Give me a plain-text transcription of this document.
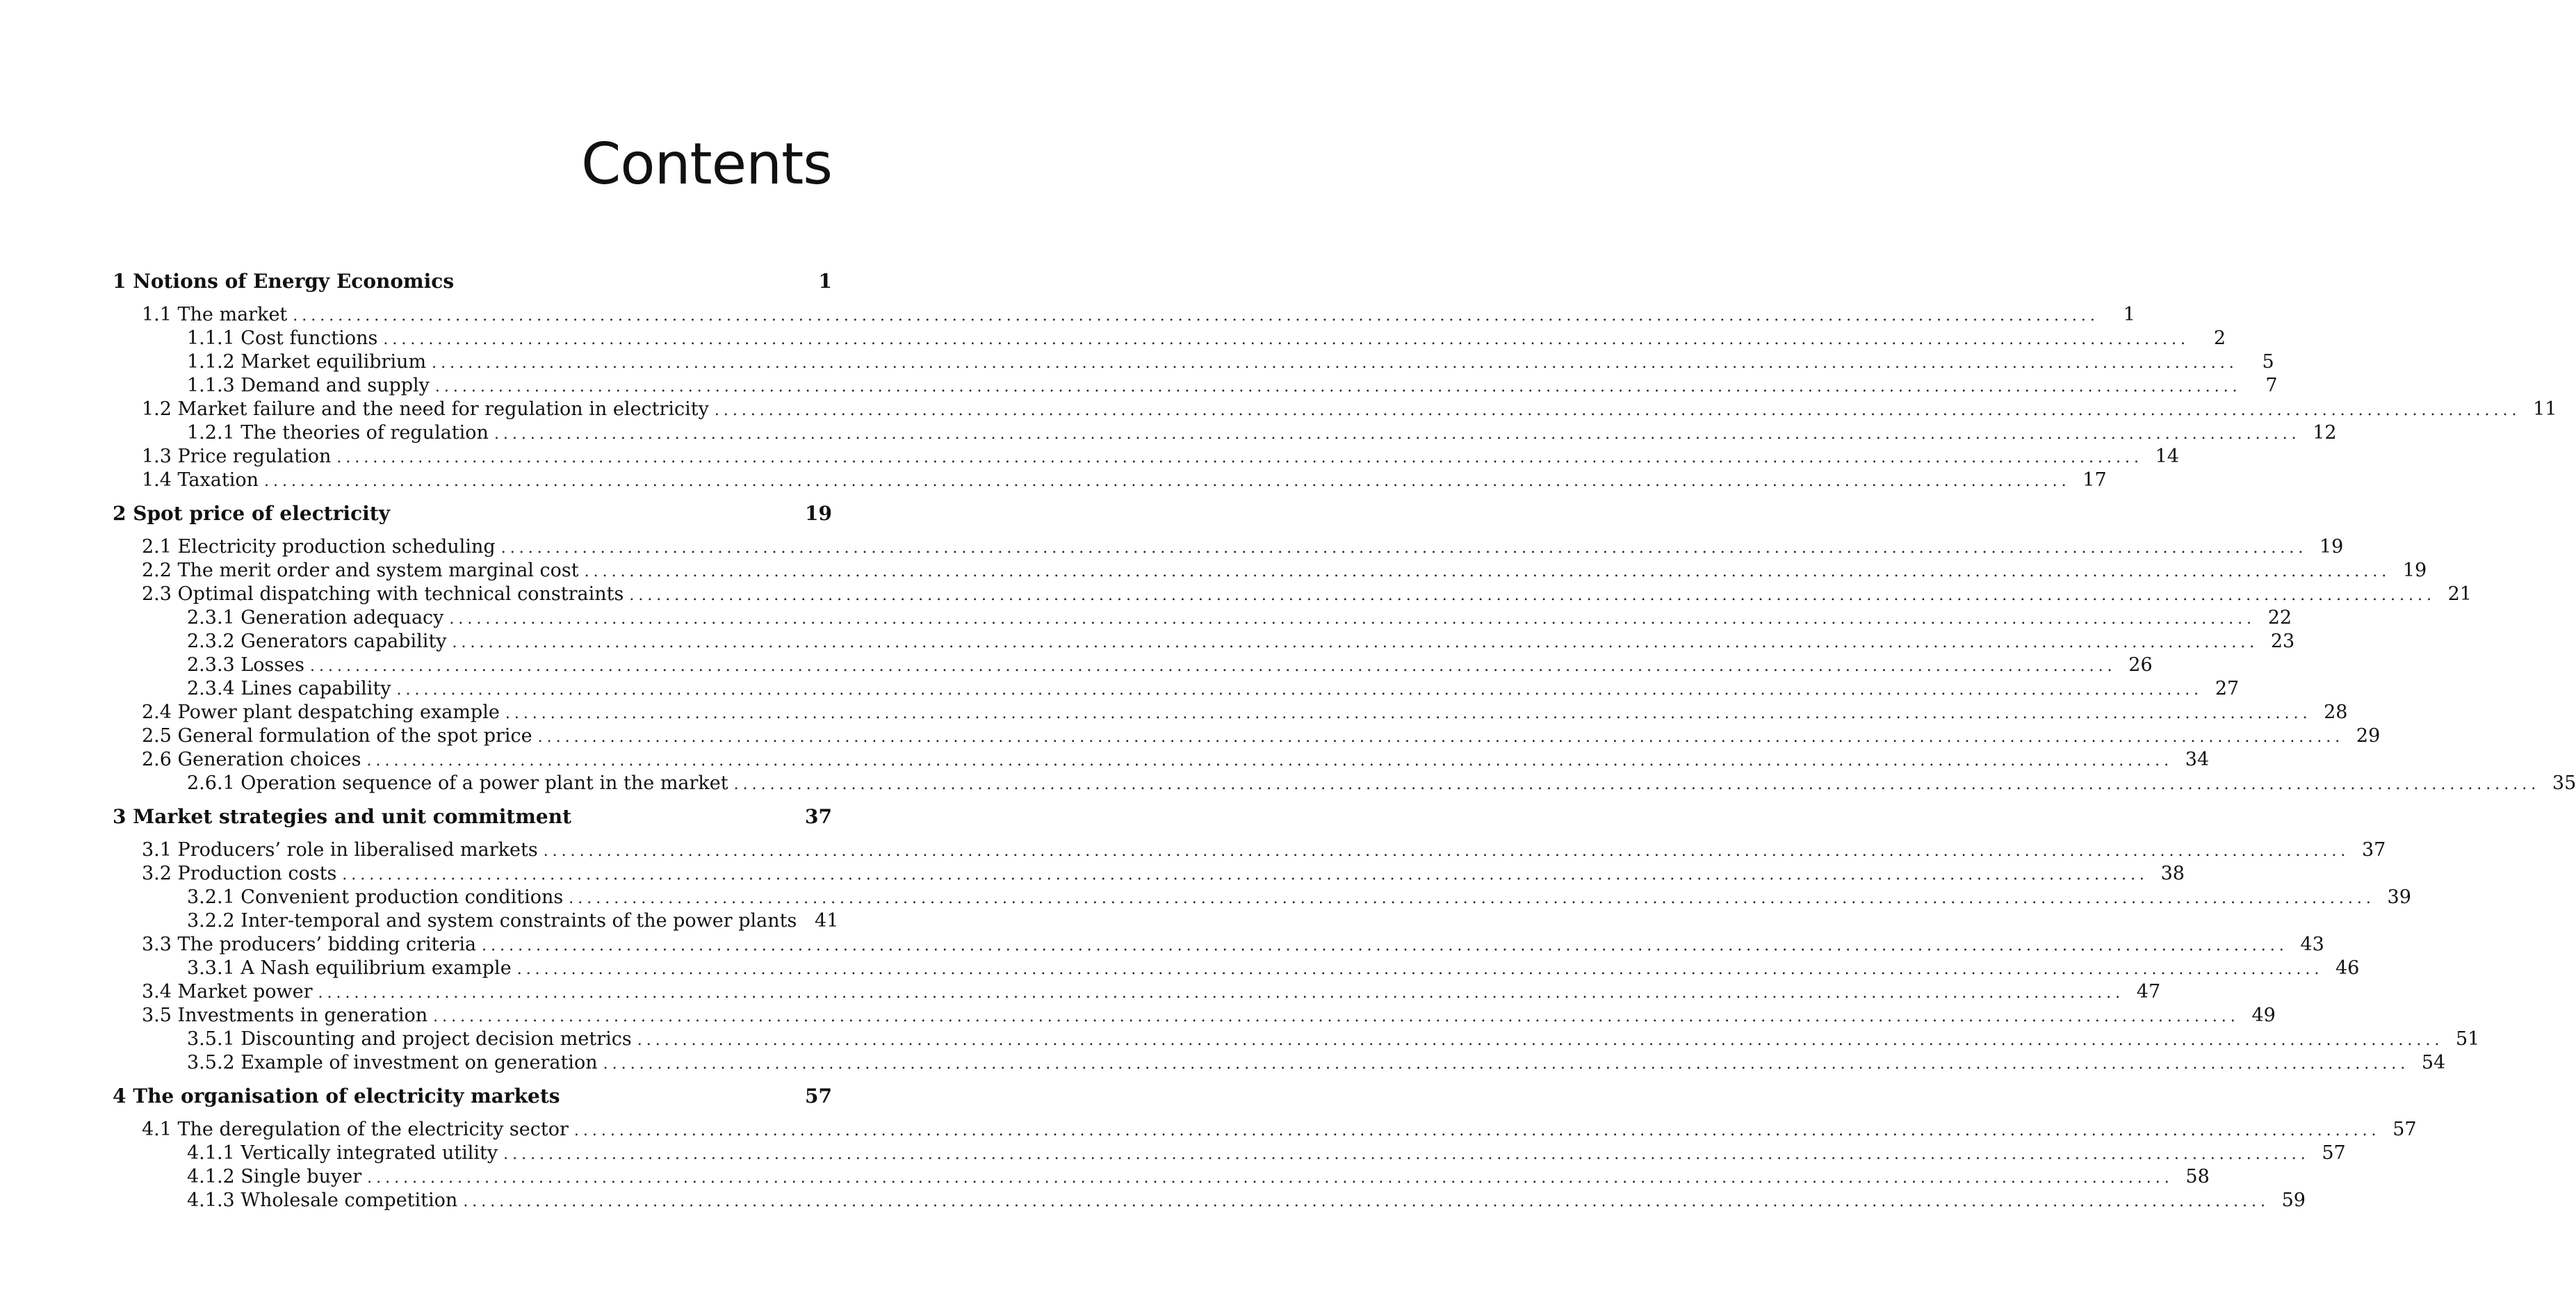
Contents
1 Notions of Energy Economics	1
1.1 The market ........................................................................................................................................................................................................	1
1.1.1 Cost functions ........................................................................................................................................................................................................	2
1.1.2 Market equilibrium ........................................................................................................................................................................................................	5
1.1.3 Demand and supply ........................................................................................................................................................................................................	7
1.2 Market failure and the need for regulation in electricity ........................................................................................................................................................................................................ 11
1.2.1 The theories of regulation ........................................................................................................................................................................................................ 12
1.3 Price regulation ........................................................................................................................................................................................................ 14
1.4 Taxation ........................................................................................................................................................................................................ 17
2 Spot price of electricity	19
2.1 Electricity production scheduling ........................................................................................................................................................................................................ 19
2.2 The merit order and system marginal cost ........................................................................................................................................................................................................ 19
2.3 Optimal dispatching with technical constraints ........................................................................................................................................................................................................ 21
2.3.1 Generation adequacy ........................................................................................................................................................................................................ 22
2.3.2 Generators capability ........................................................................................................................................................................................................ 23
2.3.3 Losses ........................................................................................................................................................................................................ 26
2.3.4 Lines capability ........................................................................................................................................................................................................ 27
2.4 Power plant despatching example ........................................................................................................................................................................................................ 28
2.5 General formulation of the spot price ........................................................................................................................................................................................................ 29
2.6 Generation choices ........................................................................................................................................................................................................ 34
2.6.1 Operation sequence of a power plant in the market ........................................................................................................................................................................................................ 35
3 Market strategies and unit commitment	37
3.1 Producers’ role in liberalised markets ........................................................................................................................................................................................................ 37
3.2 Production costs ........................................................................................................................................................................................................ 38
3.2.1 Convenient production conditions ........................................................................................................................................................................................................ 39
3.2.2 Inter-temporal and system constraints of the power plants 41
3.3 The producers’ bidding criteria ........................................................................................................................................................................................................ 43
3.3.1 A Nash equilibrium example ........................................................................................................................................................................................................ 46
3.4 Market power ........................................................................................................................................................................................................ 47
3.5 Investments in generation ........................................................................................................................................................................................................ 49
3.5.1 Discounting and project decision metrics ........................................................................................................................................................................................................ 51
3.5.2 Example of investment on generation ........................................................................................................................................................................................................ 54
4 The organisation of electricity markets	57
4.1 The deregulation of the electricity sector ........................................................................................................................................................................................................ 57
4.1.1 Vertically integrated utility ........................................................................................................................................................................................................ 57
4.1.2 Single buyer ........................................................................................................................................................................................................ 58
4.1.3 Wholesale competition ........................................................................................................................................................................................................ 59
